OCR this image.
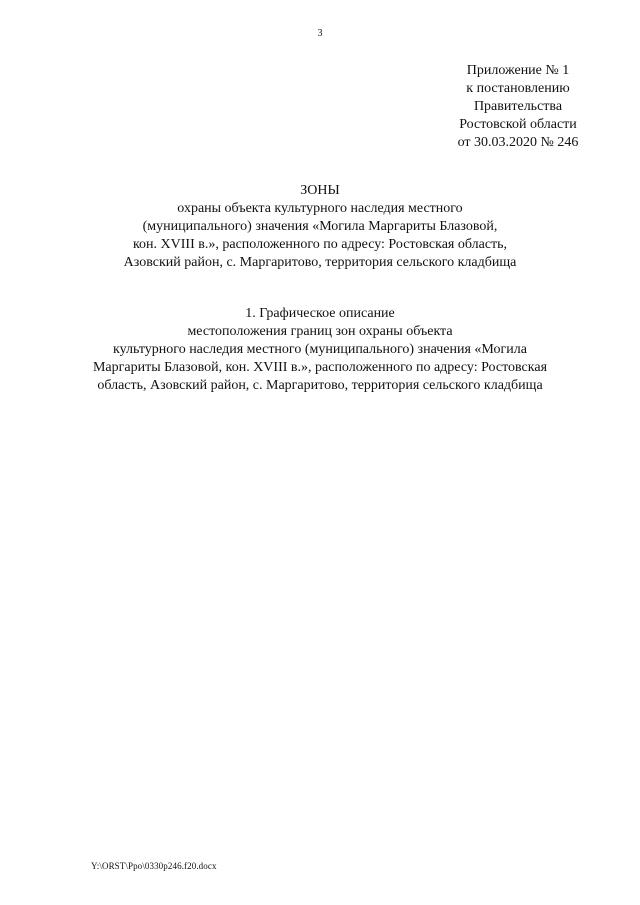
3
Приложение № 1
к постановлению
Правительства
Ростовской области
от 30.03.2020 № 246
ЗОНЫ
охраны объекта культурного наследия местного
(муниципального) значения «Могила Маргариты Блазовой,
кон. XVIII в.», расположенного по адресу: Ростовская область,
Азовский район, с. Маргаритово, территория сельского кладбища
1. Графическое описание
местоположения границ зон охраны объекта
культурного наследия местного (муниципального) значения «Могила
Маргариты Блазовой, кон. XVIII в.», расположенного по адресу: Ростовская
область, Азовский район, с. Маргаритово, территория сельского кладбища
Y:\ORST\Ppo\0330p246.f20.docx
